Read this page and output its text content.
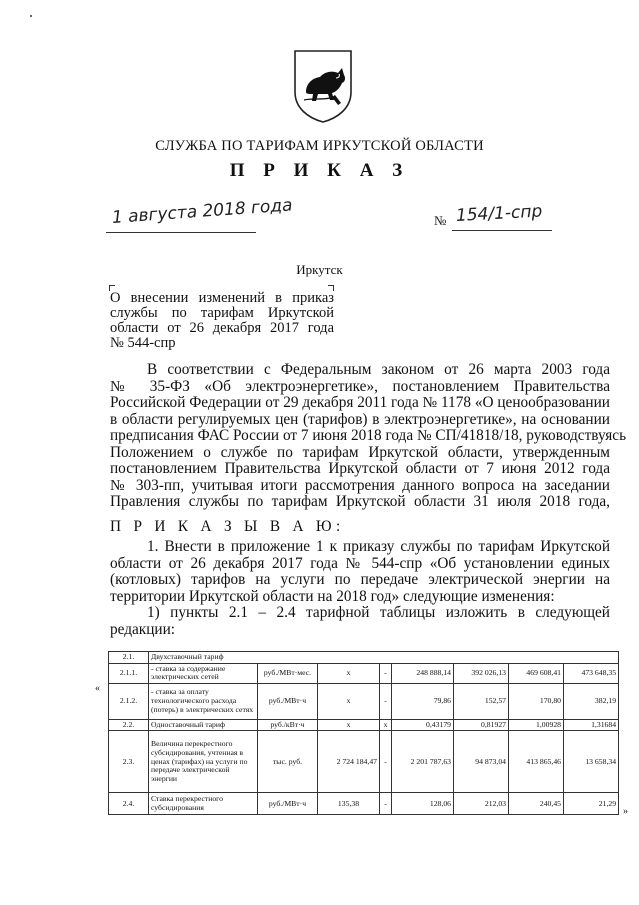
СЛУЖБА ПО ТАРИФАМ ИРКУТСКОЙ ОБЛАСТИ
П Р И К А З
1 августа 2018 года	№ 154/1-спр
Иркутск
О внесении изменений в приказ
службы по тарифам Иркутской
области от 26 декабря 2017 года
№ 544-спр
В соответствии с Федеральным законом от 26 марта 2003 года
№ 35-ФЗ «Об электроэнергетике», постановлением Правительства
Российской Федерации от 29 декабря 2011 года № 1178 «О ценообразовании
в области регулируемых цен (тарифов) в электроэнергетике», на основании
предписания ФАС России от 7 июня 2018 года № СП/41818/18, руководствуясь
Положением о службе по тарифам Иркутской области, утвержденным
постановлением Правительства Иркутской области от 7 июня 2012 года
№ 303-пп, учитывая итоги рассмотрения данного вопроса на заседании
Правления службы по тарифам Иркутской области 31 июля 2018 года,
П Р И К А З Ы В А Ю:
1. Внести в приложение 1 к приказу службы по тарифам Иркутской
области от 26 декабря 2017 года № 544-спр «Об установлении единых
(котловых) тарифов на услуги по передаче электрической энергии на
территории Иркутской области на 2018 год» следующие изменения:
1) пункты 2.1 – 2.4 тарифной таблицы изложить в следующей
редакции:
«
2.1.	Двухставочный тариф							
2.1.1.	- ставка за содержание электрических сетей	руб./МВт·мес.	х	-	248 888,14	392 026,13	469 608,41	473 648,35
2.1.2.	- ставка за оплату технологического расхода (потерь) в электрических сетях	руб./МВт·ч	х	-	79,86	152,57	170,80	382,19
2.2.	Одноставочный тариф	руб./кВт·ч	х	х	0,43179	0,81927	1,00928	1,31684
2.3.	Величина перекрестного субсидирования, учтенная в ценах (тарифах) на услуги по передаче электрической энергии	тыс. руб.	2 724 184,47	-	2 201 787,63	94 873,04	413 865,46	13 658,34
2.4.	Ставка перекрестного субсидирования	руб./МВт·ч	135,38	-	128,06	212,03	240,45	21,29
»
